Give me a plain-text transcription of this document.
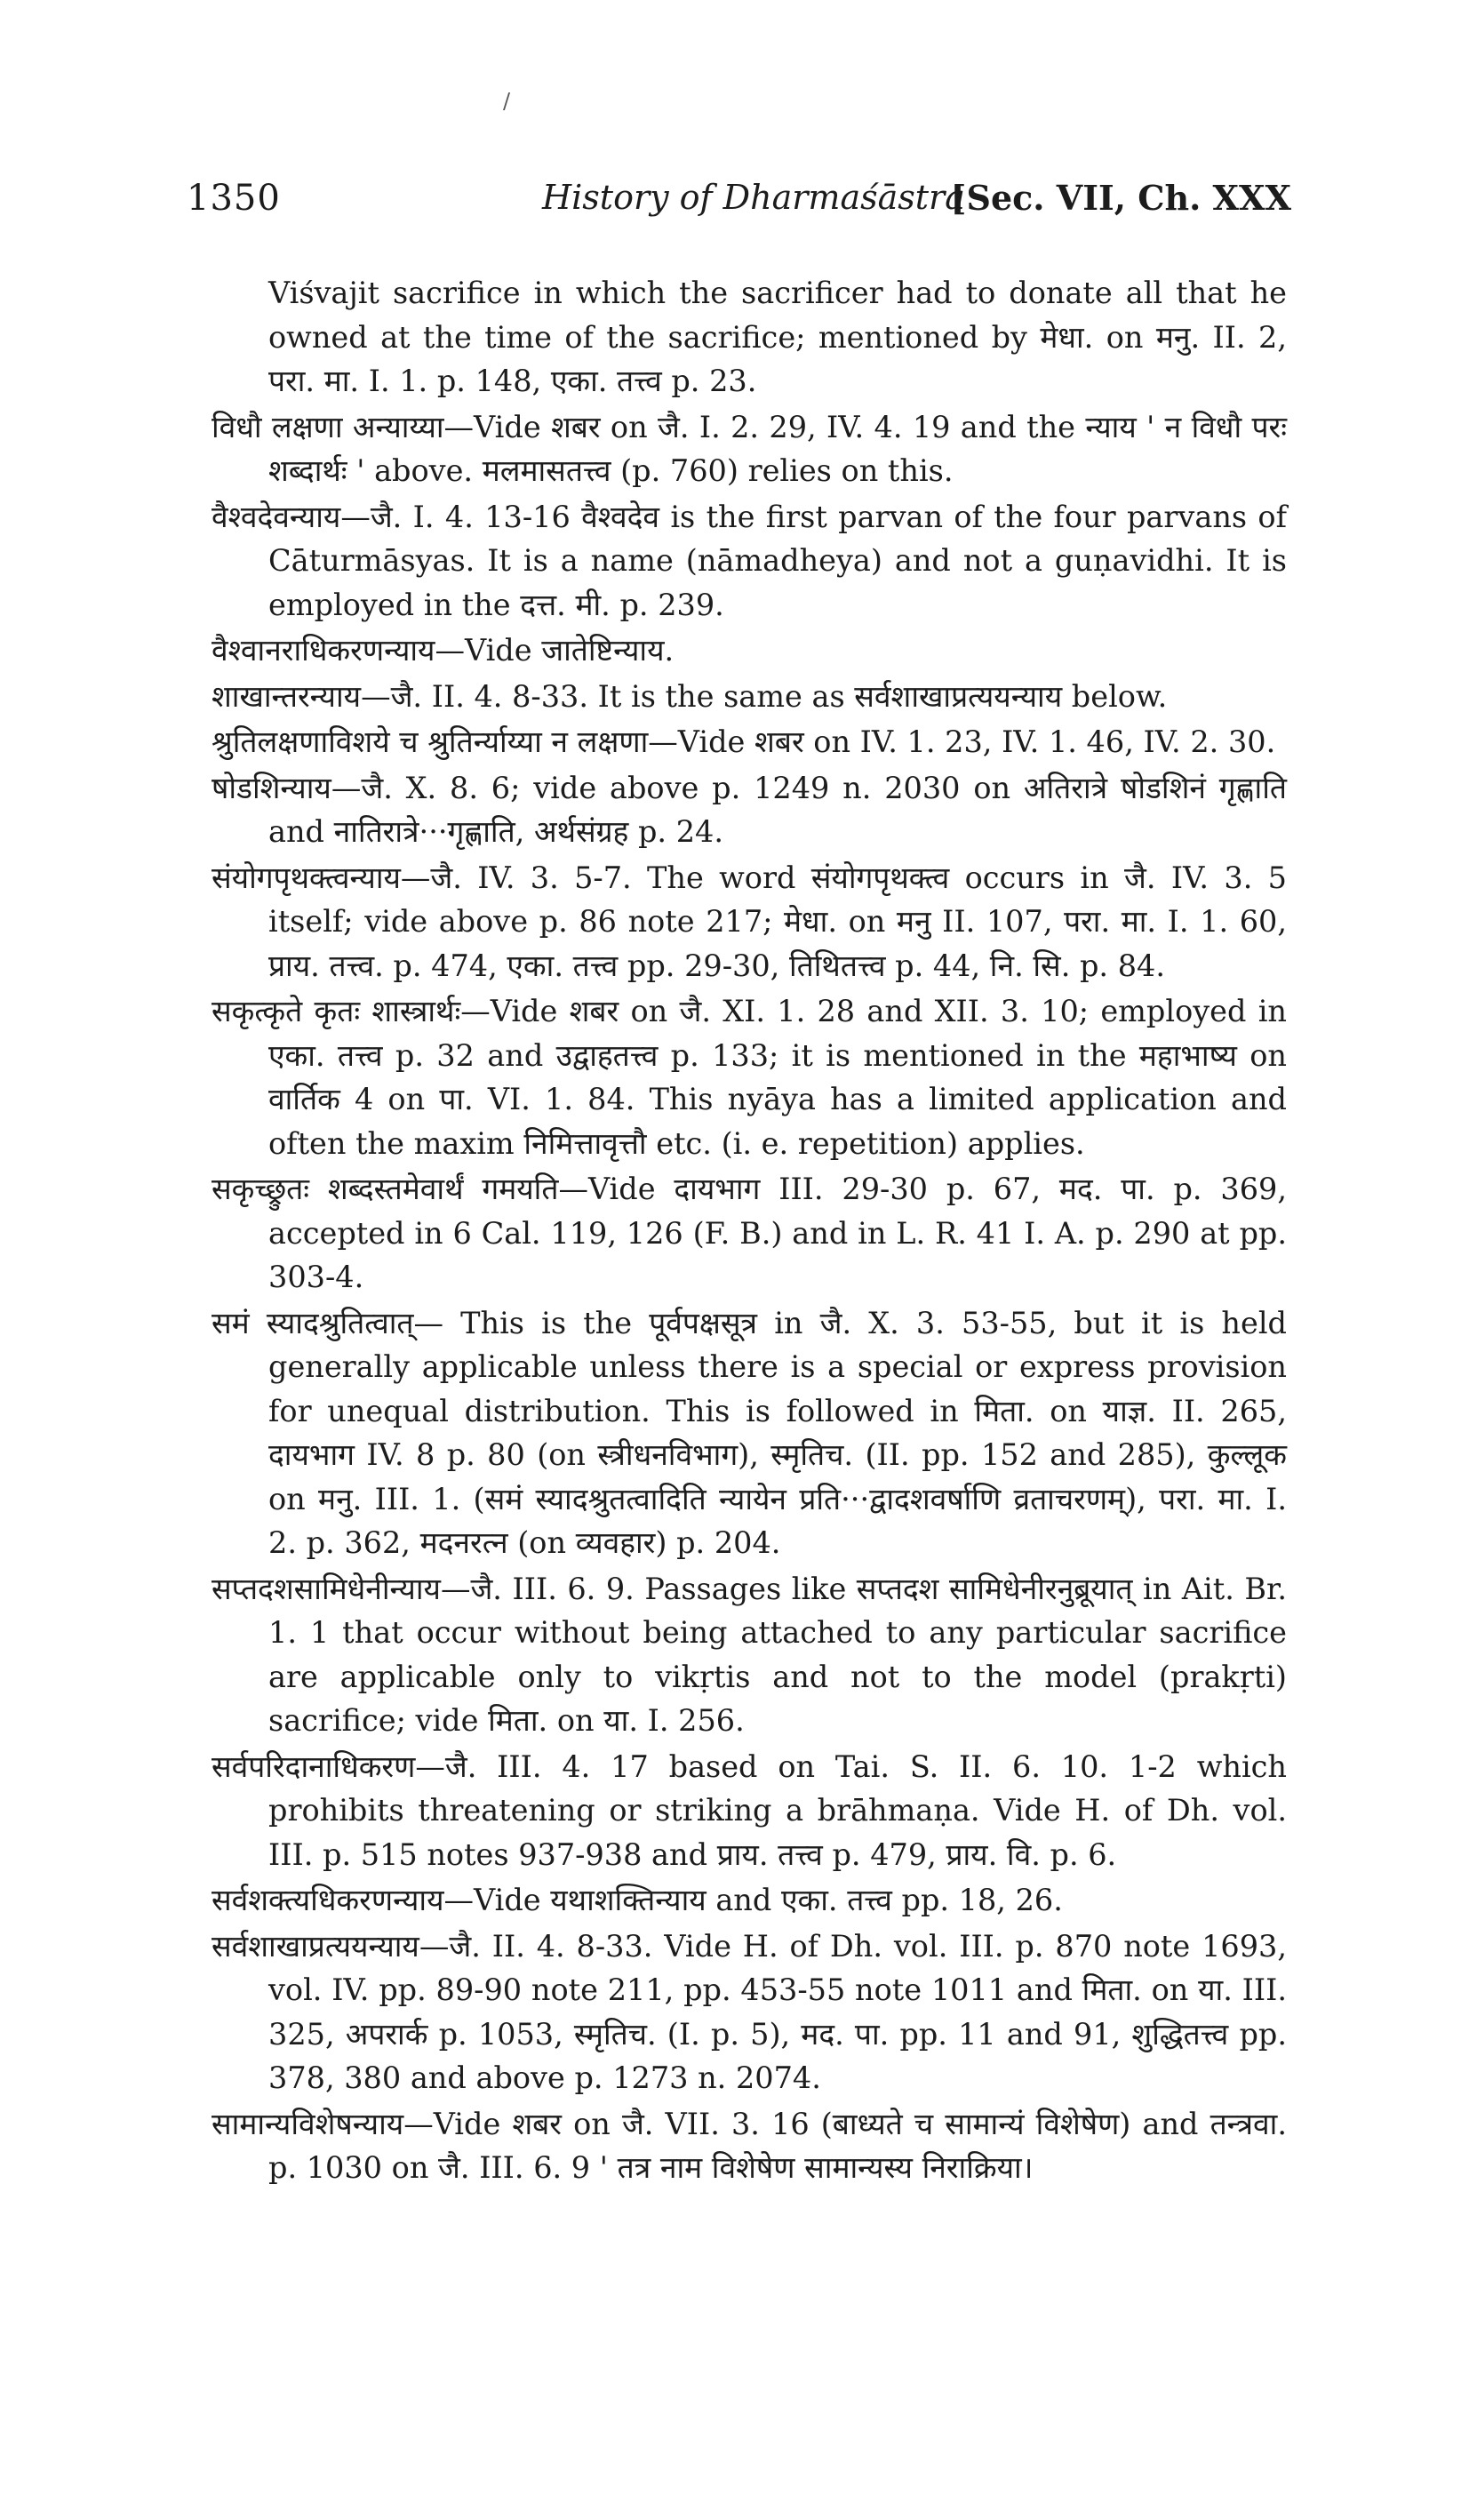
/
1350	History of Dharmaśāstra
[Sec. VII, Ch. XXX

Viśvajit sacrifice in which the sacrificer had to donate all that he owned at the time of the sacrifice; mentioned by मेधा. on मनु. II. 2, परा. मा. I. 1. p. 148, एका. तत्त्व p. 23.

विधौ लक्षणा अन्याय्या—Vide शबर on जै. I. 2. 29, IV. 4. 19 and the न्याय ' न विधौ परः शब्दार्थः ' above. मलमासतत्त्व (p. 760) relies on this.

वैश्वदेवन्याय—जै. I. 4. 13-16 वैश्वदेव is the first parvan of the four parvans of Cāturmāsyas. It is a name (nāmadheya) and not a guṇavidhi. It is employed in the दत्त. मी. p. 239.

वैश्वानराधिकरणन्याय—Vide जातेष्टिन्याय.

शाखान्तरन्याय—जै. II. 4. 8-33. It is the same as सर्वशाखाप्रत्ययन्याय below.

श्रुतिलक्षणाविशये च श्रुतिर्न्याय्या न लक्षणा—Vide शबर on IV. 1. 23, IV. 1. 46, IV. 2. 30.

षोडशिन्याय—जै. X. 8. 6; vide above p. 1249 n. 2030 on अतिरात्रे षोडशिनं गृह्णाति and नातिरात्रे···गृह्णाति, अर्थसंग्रह p. 24.

संयोगपृथक्त्वन्याय—जै. IV. 3. 5-7. The word संयोगपृथक्त्व occurs in जै. IV. 3. 5 itself; vide above p. 86 note 217; मेधा. on मनु II. 107, परा. मा. I. 1. 60, प्राय. तत्त्व. p. 474, एका. तत्त्व pp. 29-30, तिथितत्त्व p. 44, नि. सि. p. 84.

सकृत्कृते कृतः शास्त्रार्थः—Vide शबर on जै. XI. 1. 28 and XII. 3. 10; employed in एका. तत्त्व p. 32 and उद्वाहतत्त्व p. 133; it is mentioned in the महाभाष्य on वार्तिक 4 on पा. VI. 1. 84. This nyāya has a limited application and often the maxim निमित्तावृत्तौ etc. (i. e. repetition) applies.

सकृच्छ्रुतः शब्दस्तमेवार्थं गमयति—Vide दायभाग III. 29-30 p. 67, मद. पा. p. 369, accepted in 6 Cal. 119, 126 (F. B.) and in L. R. 41 I. A. p. 290 at pp. 303-4.

समं स्यादश्रुतित्वात्— This is the पूर्वपक्षसूत्र in जै. X. 3. 53-55, but it is held generally applicable unless there is a special or express provision for unequal distribution. This is followed in मिता. on याज्ञ. II. 265, दायभाग IV. 8 p. 80 (on स्त्रीधनविभाग), स्मृतिच. (II. pp. 152 and 285), कुल्लूक on मनु. III. 1. (समं स्यादश्रुतत्वादिति न्यायेन प्रति···द्वादशवर्षाणि व्रताचरणम्), परा. मा. I. 2. p. 362, मदनरत्न (on व्यवहार) p. 204.

सप्तदशसामिधेनीन्याय—जै. III. 6. 9. Passages like सप्तदश सामिधेनीरनुब्रूयात् in Ait. Br. 1. 1 that occur without being attached to any particular sacrifice are applicable only to vikṛtis and not to the model (prakṛti) sacrifice; vide मिता. on या. I. 256.

सर्वपरिदानाधिकरण—जै. III. 4. 17 based on Tai. S. II. 6. 10. 1-2 which prohibits threatening or striking a brāhmaṇa. Vide H. of Dh. vol. III. p. 515 notes 937-938 and प्राय. तत्त्व p. 479, प्राय. वि. p. 6.

सर्वशक्त्यधिकरणन्याय—Vide यथाशक्तिन्याय and एका. तत्त्व pp. 18, 26.

सर्वशाखाप्रत्ययन्याय—जै. II. 4. 8-33. Vide H. of Dh. vol. III. p. 870 note 1693, vol. IV. pp. 89-90 note 211, pp. 453-55 note 1011 and मिता. on या. III. 325, अपरार्क p. 1053, स्मृतिच. (I. p. 5), मद. पा. pp. 11 and 91, शुद्धितत्त्व pp. 378, 380 and above p. 1273 n. 2074.

सामान्यविशेषन्याय—Vide शबर on जै. VII. 3. 16 (बाध्यते च सामान्यं विशेषेण) and तन्त्रवा. p. 1030 on जै. III. 6. 9 ' तत्र नाम विशेषेण सामान्यस्य निराक्रिया।
